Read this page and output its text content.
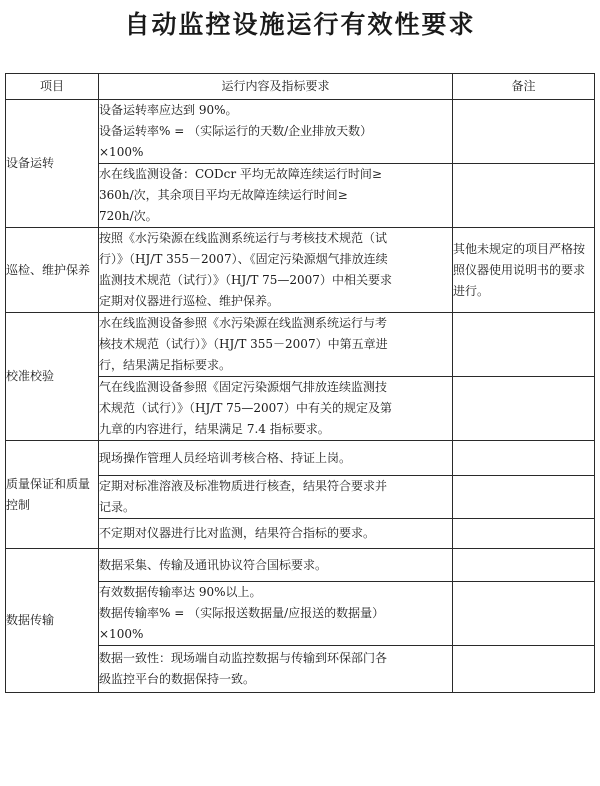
自动监控设施运行有效性要求
项目	运行内容及指标要求	备注
设备运转	设备运转率应达到 90%。
设备运转率% = （实际运行的天数/企业排放天数）
×100%	

	水在线监测设备：CODcr 平均无故障连续运行时间≥
360h/次，其余项目平均无故障连续运行时间≥
720h/次。	

巡检、维护保养	按照《水污染源在线监测系统运行与考核技术规范（试
行）》（HJ/T 355－2007）、《固定污染源烟气排放连续
监测技术规范（试行）》（HJ/T 75—2007）中相关要求
定期对仪器进行巡检、维护保养。	其他未规定的项目严格按照仪器使用说明书的要求进行。
校准校验	水在线监测设备参照《水污染源在线监测系统运行与考
核技术规范（试行）》（HJ/T 355－2007）中第五章进
行，结果满足指标要求。	

	气在线监测设备参照《固定污染源烟气排放连续监测技
术规范（试行）》（HJ/T 75—2007）中有关的规定及第
九章的内容进行，结果满足 7.4 指标要求。	

质量保证和质量控制	现场操作管理人员经培训考核合格、持证上岗。	

	定期对标准溶液及标准物质进行核查，结果符合要求并
记录。	

	不定期对仪器进行比对监测，结果符合指标的要求。	

数据传输	数据采集、传输及通讯协议符合国标要求。	

	有效数据传输率达 90%以上。
数据传输率% = （实际报送数据量/应报送的数据量）
×100%	

	数据一致性：现场端自动监控数据与传输到环保部门各
级监控平台的数据保持一致。	
